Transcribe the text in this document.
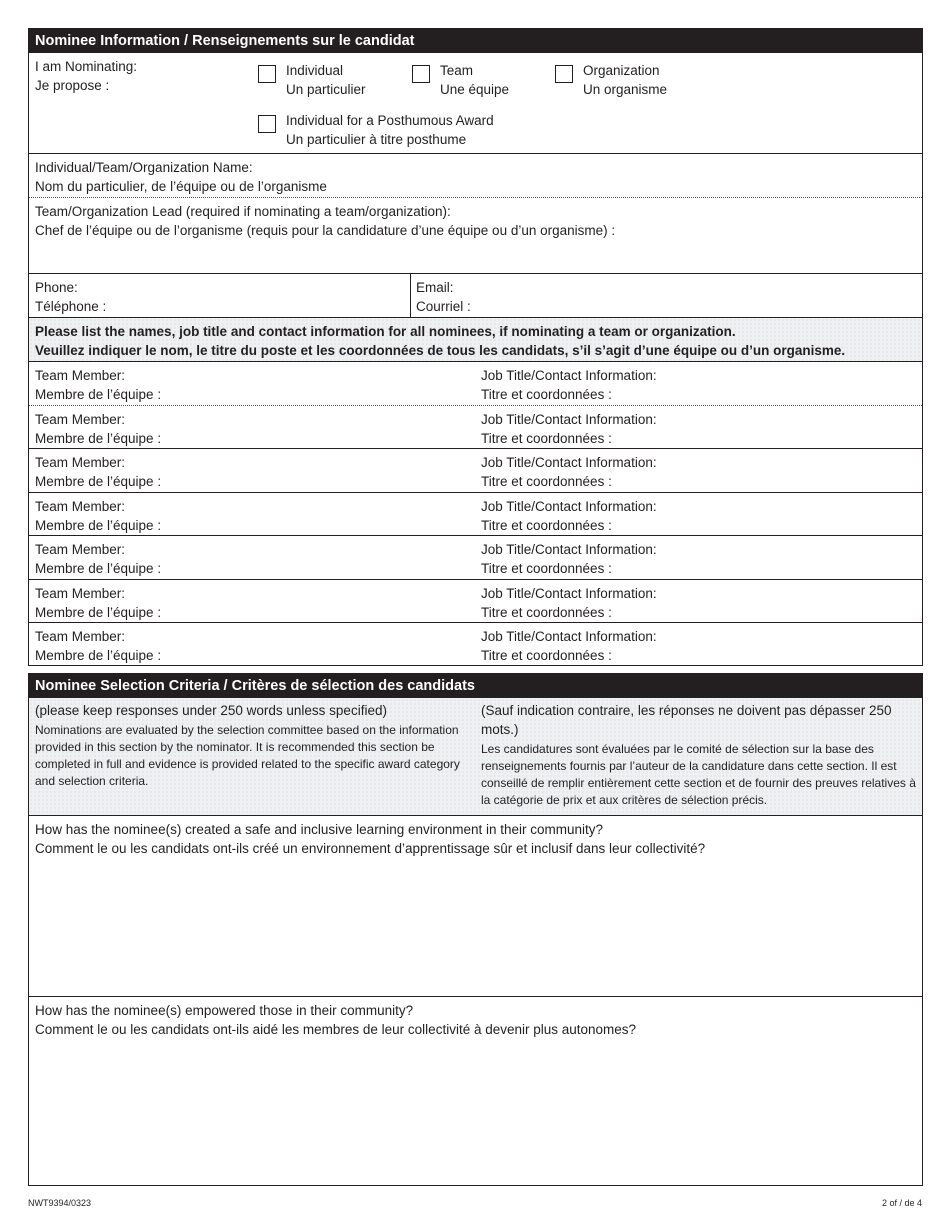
Nominee Information / Renseignements sur le candidat
I am Nominating:
Je propose :
Individual
Un particulier
Team
Une équipe
Organization
Un organisme
Individual for a Posthumous Award
Un particulier à titre posthume
Individual/Team/Organization Name:
Nom du particulier, de l’équipe ou de l’organisme
Team/Organization Lead (required if nominating a team/organization):
Chef de l’équipe ou de l’organisme (requis pour la candidature d’une équipe ou d’un organisme) :
Phone:
Téléphone :
Email:
Courriel :
Please list the names, job title and contact information for all nominees, if nominating a team or organization.
Veuillez indiquer le nom, le titre du poste et les coordonnées de tous les candidats, s’il s’agit d’une équipe ou d’un organisme.
Team Member:
Membre de l’équipe :
Job Title/Contact Information:
Titre et coordonnées :
Team Member:
Membre de l’équipe :
Job Title/Contact Information:
Titre et coordonnées :
Team Member:
Membre de l’équipe :
Job Title/Contact Information:
Titre et coordonnées :
Team Member:
Membre de l’équipe :
Job Title/Contact Information:
Titre et coordonnées :
Team Member:
Membre de l’équipe :
Job Title/Contact Information:
Titre et coordonnées :
Team Member:
Membre de l’équipe :
Job Title/Contact Information:
Titre et coordonnées :
Team Member:
Membre de l’équipe :
Job Title/Contact Information:
Titre et coordonnées :
Nominee Selection Criteria / Critères de sélection des candidats
(please keep responses under 250 words unless specified)
Nominations are evaluated by the selection committee based on the information provided in this section by the nominator. It is recommended this section be completed in full and evidence is provided related to the specific award category and selection criteria.
(Sauf indication contraire, les réponses ne doivent pas dépasser 250 mots.)
Les candidatures sont évaluées par le comité de sélection sur la base des renseignements fournis par l’auteur de la candidature dans cette section. Il est conseillé de remplir entièrement cette section et de fournir des preuves relatives à la catégorie de prix et aux critères de sélection précis.
How has the nominee(s) created a safe and inclusive learning environment in their community?
Comment le ou les candidats ont-ils créé un environnement d’apprentissage sûr et inclusif dans leur collectivité?
How has the nominee(s) empowered those in their community?
Comment le ou les candidats ont-ils aidé les membres de leur collectivité à devenir plus autonomes?
NWT9394/0323	2 of / de 4
